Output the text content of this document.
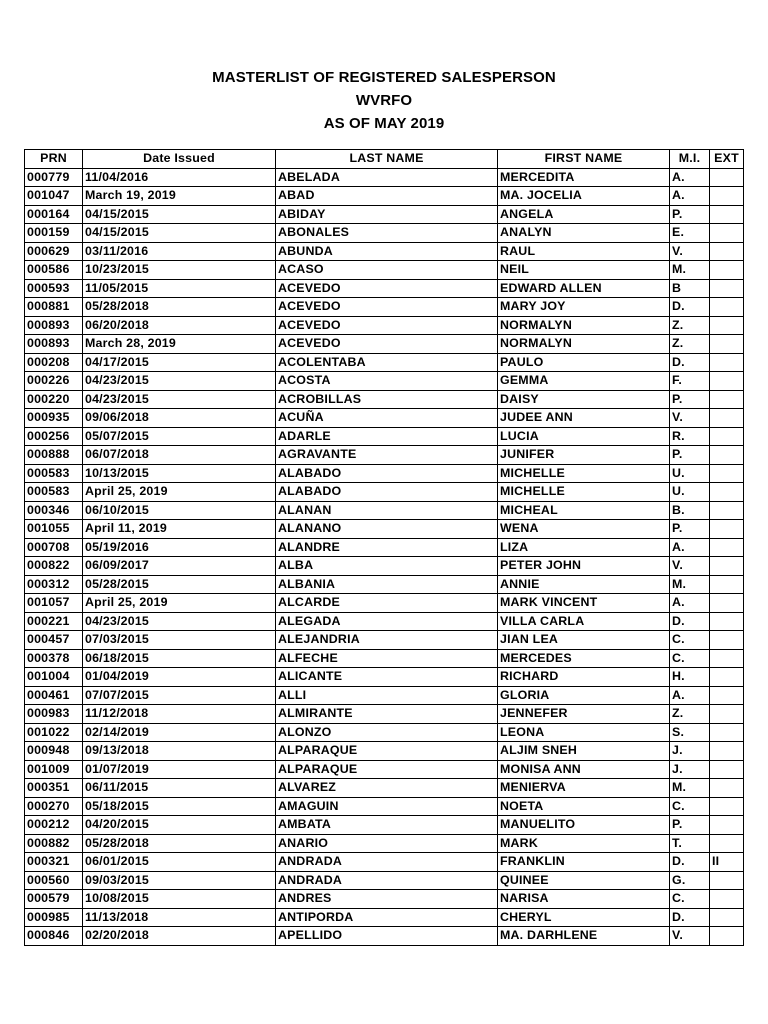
MASTERLIST OF REGISTERED SALESPERSON
WVRFO
AS OF MAY 2019
PRN	Date Issued	LAST NAME	FIRST NAME	M.I.	EXT
000779	11/04/2016	ABELADA	MERCEDITA	A.	
001047	March 19, 2019	ABAD	MA. JOCELIA	A.	
000164	04/15/2015	ABIDAY	ANGELA	P.	
000159	04/15/2015	ABONALES	ANALYN	E.	
000629	03/11/2016	ABUNDA	RAUL	V.	
000586	10/23/2015	ACASO	NEIL	M.	
000593	11/05/2015	ACEVEDO	EDWARD ALLEN	B	
000881	05/28/2018	ACEVEDO	MARY JOY	D.	
000893	06/20/2018	ACEVEDO	NORMALYN	Z.	
000893	March 28, 2019	ACEVEDO	NORMALYN	Z.	
000208	04/17/2015	ACOLENTABA	PAULO	D.	
000226	04/23/2015	ACOSTA	GEMMA	F.	
000220	04/23/2015	ACROBILLAS	DAISY	P.	
000935	09/06/2018	ACUÑA	JUDEE ANN	V.	
000256	05/07/2015	ADARLE	LUCIA	R.	
000888	06/07/2018	AGRAVANTE	JUNIFER	P.	
000583	10/13/2015	ALABADO	MICHELLE	U.	
000583	April 25, 2019	ALABADO	MICHELLE	U.	
000346	06/10/2015	ALANAN	MICHEAL	B.	
001055	April 11, 2019	ALANANO	WENA	P.	
000708	05/19/2016	ALANDRE	LIZA	A.	
000822	06/09/2017	ALBA	PETER JOHN	V.	
000312	05/28/2015	ALBANIA	ANNIE	M.	
001057	April 25, 2019	ALCARDE	MARK VINCENT	A.	
000221	04/23/2015	ALEGADA	VILLA CARLA	D.	
000457	07/03/2015	ALEJANDRIA	JIAN LEA	C.	
000378	06/18/2015	ALFECHE	MERCEDES	C.	
001004	01/04/2019	ALICANTE	RICHARD	H.	
000461	07/07/2015	ALLI	GLORIA	A.	
000983	11/12/2018	ALMIRANTE	JENNEFER	Z.	
001022	02/14/2019	ALONZO	LEONA	S.	
000948	09/13/2018	ALPARAQUE	ALJIM SNEH	J.	
001009	01/07/2019	ALPARAQUE	MONISA ANN	J.	
000351	06/11/2015	ALVAREZ	MENIERVA	M.	
000270	05/18/2015	AMAGUIN	NOETA	C.	
000212	04/20/2015	AMBATA	MANUELITO	P.	
000882	05/28/2018	ANARIO	MARK	T.	
000321	06/01/2015	ANDRADA	FRANKLIN	D.	II
000560	09/03/2015	ANDRADA	QUINEE	G.	
000579	10/08/2015	ANDRES	NARISA	C.	
000985	11/13/2018	ANTIPORDA	CHERYL	D.	
000846	02/20/2018	APELLIDO	MA. DARHLENE	V.	
